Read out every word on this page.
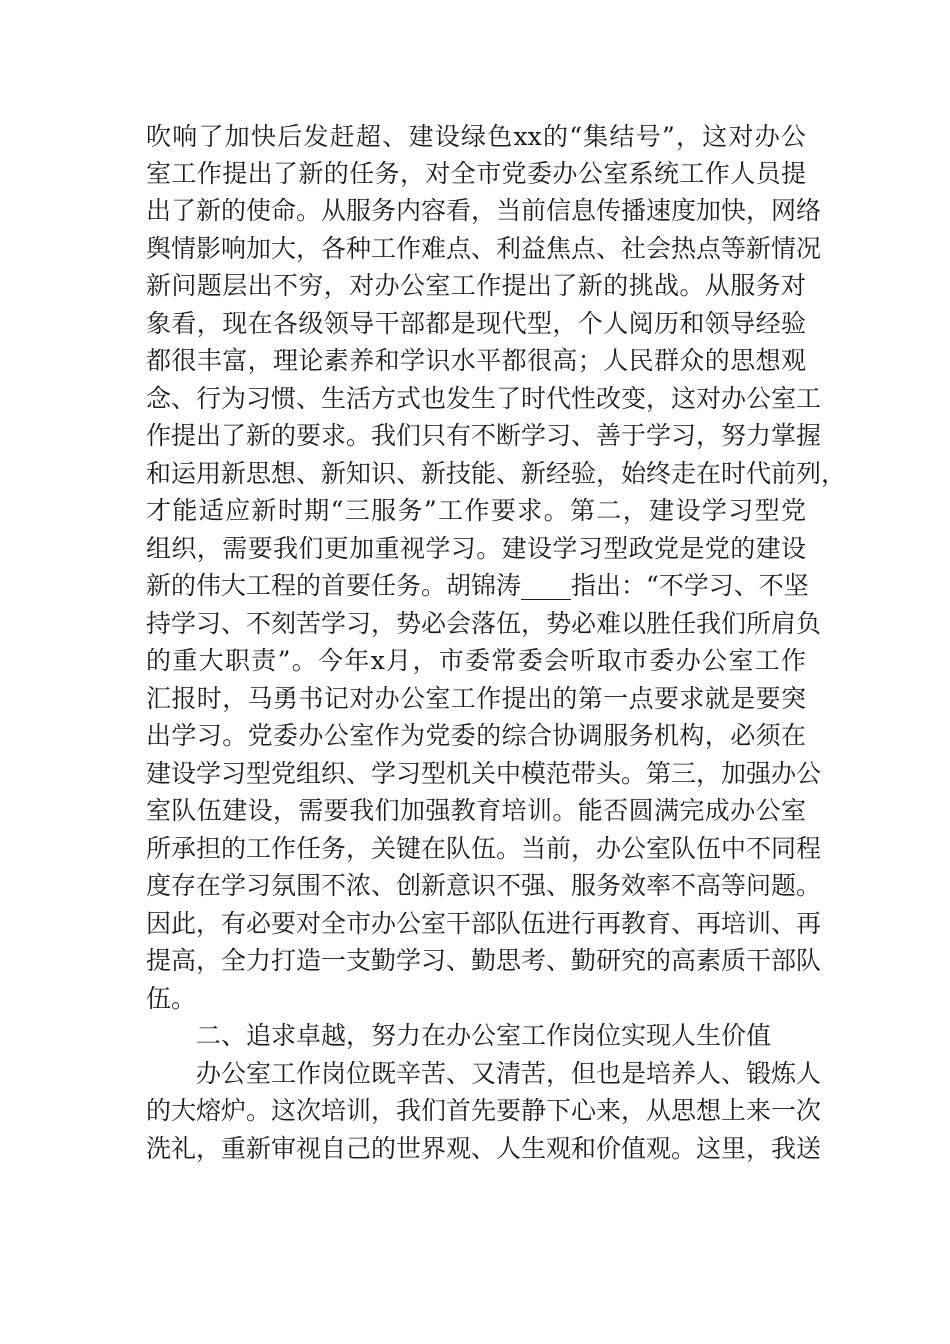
吹响了加快后发赶超、建设绿色xx的“集结号”，这对办公
室工作提出了新的任务，对全市党委办公室系统工作人员提
出了新的使命。从服务内容看，当前信息传播速度加快，网络
舆情影响加大，各种工作难点、利益焦点、社会热点等新情况
新问题层出不穷，对办公室工作提出了新的挑战。从服务对
象看，现在各级领导干部都是现代型，个人阅历和领导经验
都很丰富，理论素养和学识水平都很高；人民群众的思想观
念、行为习惯、生活方式也发生了时代性改变，这对办公室工
作提出了新的要求。我们只有不断学习、善于学习，努力掌握
和运用新思想、新知识、新技能、新经验，始终走在时代前列，
才能适应新时期“三服务”工作要求。第二，建设学习型党
组织，需要我们更加重视学习。建设学习型政党是党的建设
新的伟大工程的首要任务。胡锦涛____指出：“不学习、不坚
持学习、不刻苦学习，势必会落伍，势必难以胜任我们所肩负
的重大职责”。今年x月，市委常委会听取市委办公室工作
汇报时，马勇书记对办公室工作提出的第一点要求就是要突
出学习。党委办公室作为党委的综合协调服务机构，必须在
建设学习型党组织、学习型机关中模范带头。第三，加强办公
室队伍建设，需要我们加强教育培训。能否圆满完成办公室
所承担的工作任务，关键在队伍。当前，办公室队伍中不同程
度存在学习氛围不浓、创新意识不强、服务效率不高等问题。
因此，有必要对全市办公室干部队伍进行再教育、再培训、再
提高，全力打造一支勤学习、勤思考、勤研究的高素质干部队
伍。
二、追求卓越，努力在办公室工作岗位实现人生价值
办公室工作岗位既辛苦、又清苦，但也是培养人、锻炼人
的大熔炉。这次培训，我们首先要静下心来，从思想上来一次
洗礼，重新审视自己的世界观、人生观和价值观。这里，我送
